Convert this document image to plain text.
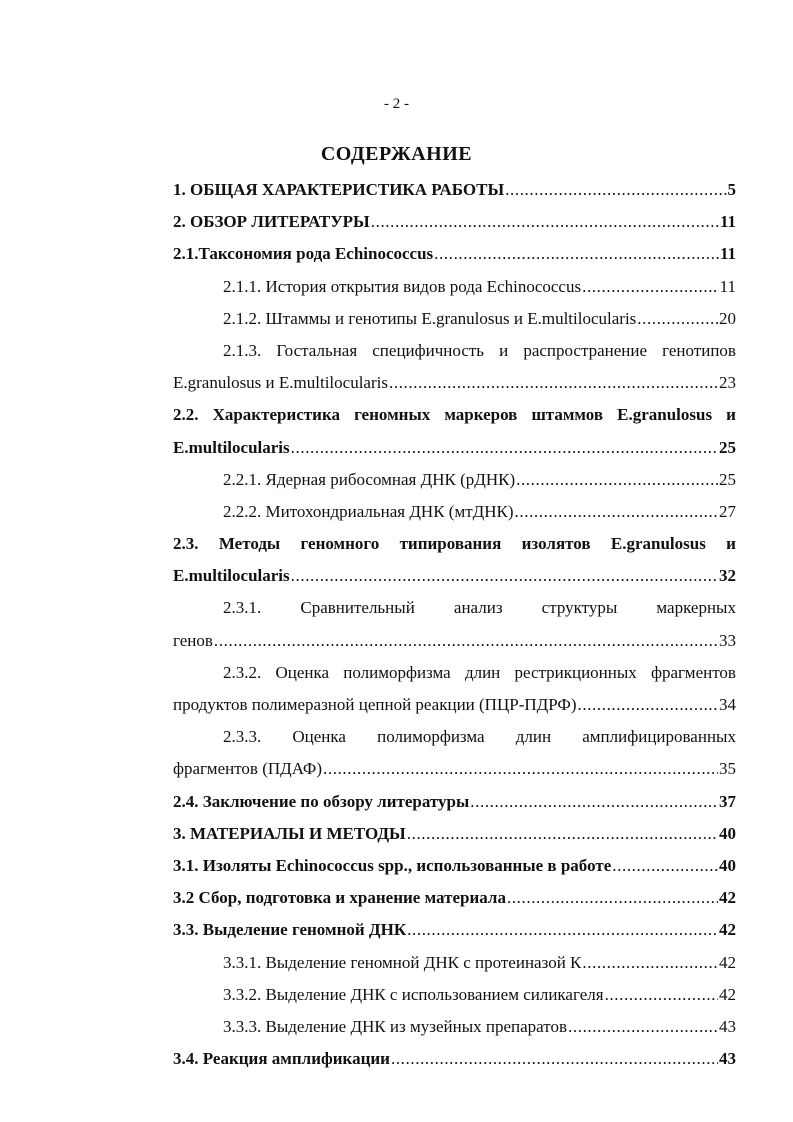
- 2 -
СОДЕРЖАНИЕ
1. ОБЩАЯ ХАРАКТЕРИСТИКА РАБОТЫ .....	5
2. ОБЗОР ЛИТЕРАТУРЫ .....	11
2.1.Таксономия рода Echinococcus .....	11
2.1.1. История открытия видов рода Echinococcus .....	11
2.1.2. Штаммы и генотипы E.granulosus и E.multilocularis .....	20
2.1.3. Гостальная специфичность и распространение генотипов
E.granulosus и E.multilocularis .....	23
2.2. Характеристика геномных маркеров штаммов E.granulosus и
E.multilocularis .....	25
2.2.1. Ядерная рибосомная ДНК (рДНК) .....	25
2.2.2. Митохондриальная ДНК (мтДНК) .....	27
2.3. Методы геномного типирования изолятов E.granulosus и
E.multilocularis .....	32
2.3.1. Сравнительный анализ структуры маркерных
генов .....	33
2.3.2. Оценка полиморфизма длин рестрикционных фрагментов
продуктов полимеразной цепной реакции (ПЦР-ПДРФ) .....	34
2.3.3. Оценка полиморфизма длин амплифицированных
фрагментов (ПДАФ) .....	35
2.4. Заключение по обзору литературы .....	37
3. МАТЕРИАЛЫ И МЕТОДЫ .....	40
3.1. Изоляты Echinococcus spp., использованные в работе .....	40
3.2 Сбор, подготовка и хранение материала .....	42
3.3. Выделение геномной ДНК .....	42
3.3.1. Выделение геномной ДНК с протеиназой К .....	42
3.3.2. Выделение ДНК с использованием силикагеля .....	42
3.3.3. Выделение ДНК из музейных препаратов .....	43
3.4. Реакция амплификации .....	43
